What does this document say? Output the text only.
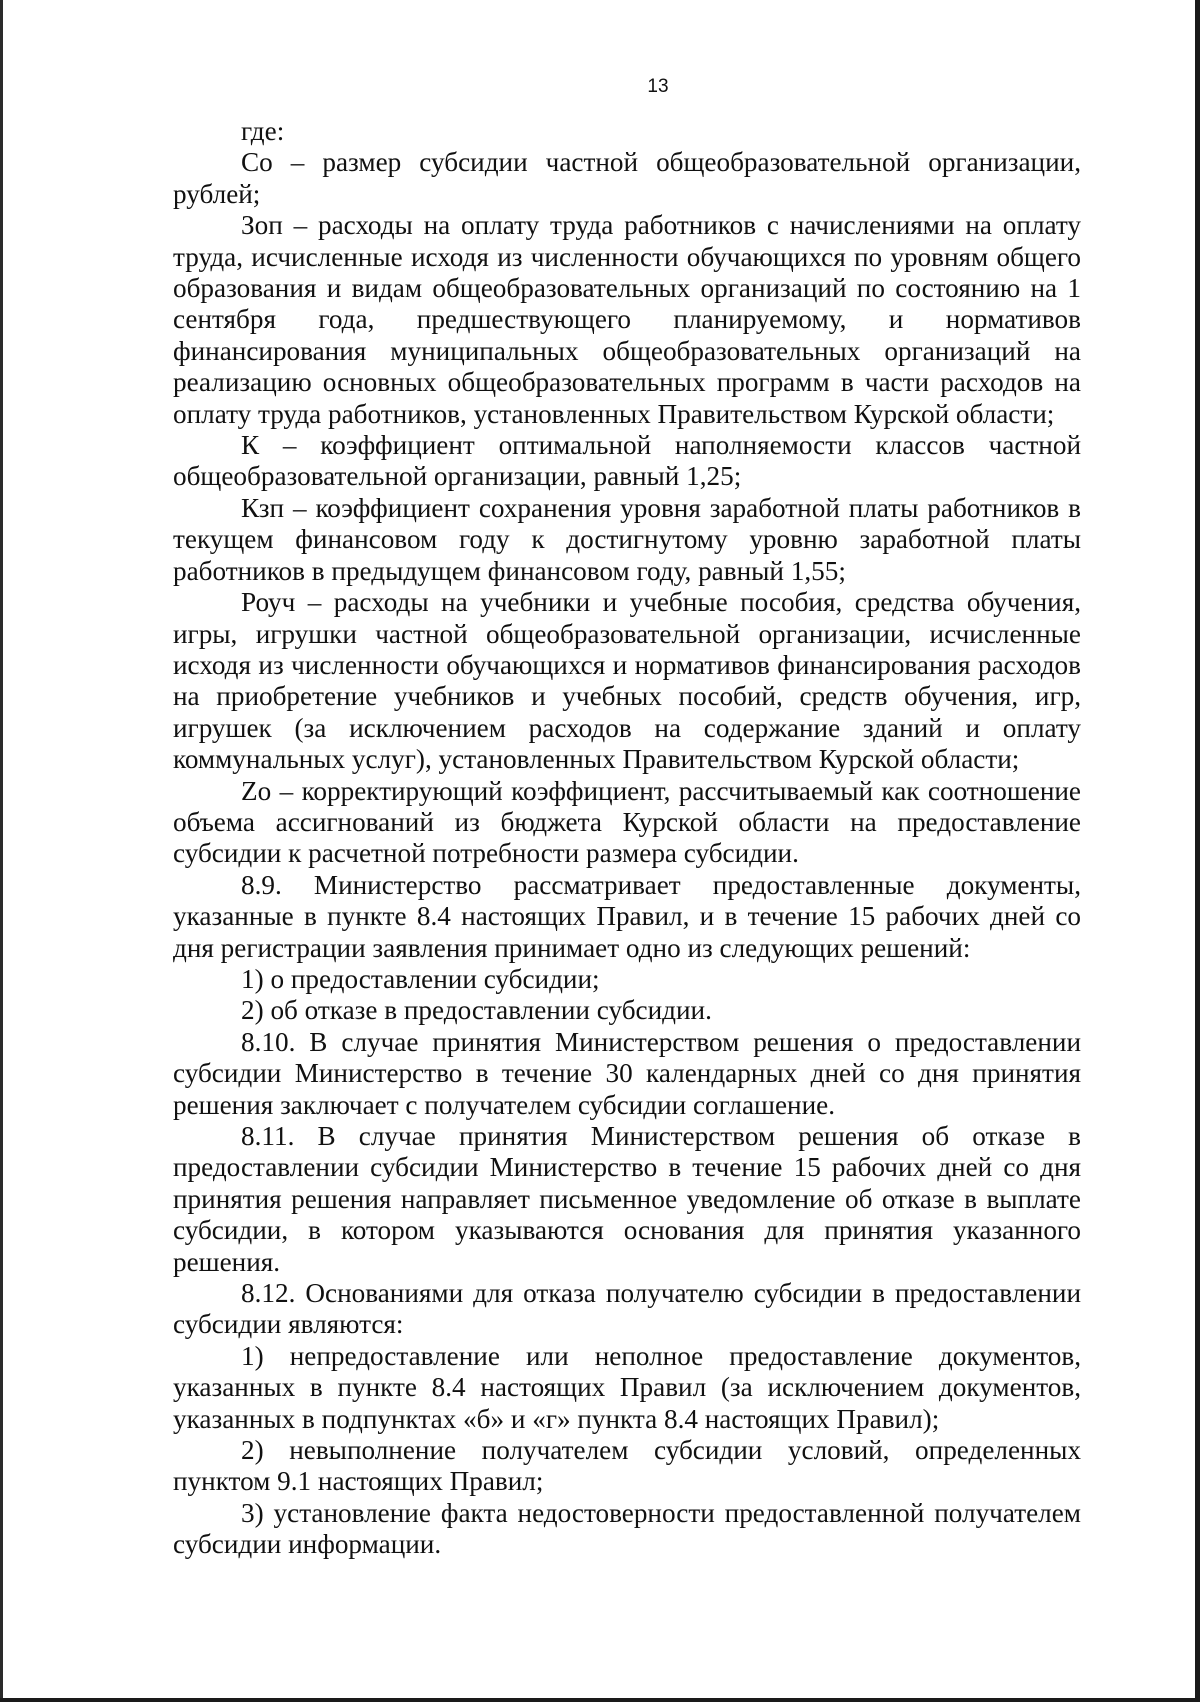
13

где:

Со – размер субсидии частной общеобразовательной организации, рублей;

Зоп – расходы на оплату труда работников с начислениями на оплату труда, исчисленные исходя из численности обучающихся по уровням общего образования и видам общеобразовательных организаций по состоянию на 1 сентября года, предшествующего планируемому, и нормативов финансирования муниципальных общеобразовательных организаций на реализацию основных общеобразовательных программ в части расходов на оплату труда работников, установленных Правительством Курской области;

К – коэффициент оптимальной наполняемости классов частной общеобразовательной организации, равный 1,25;

Кзп – коэффициент сохранения уровня заработной платы работников в текущем финансовом году к достигнутому уровню заработной платы работников в предыдущем финансовом году, равный 1,55;

Роуч – расходы на учебники и учебные пособия, средства обучения, игры, игрушки частной общеобразовательной организации, исчисленные исходя из численности обучающихся и нормативов финансирования расходов на приобретение учебников и учебных пособий, средств обучения, игр, игрушек (за исключением расходов на содержание зданий и оплату коммунальных услуг), установленных Правительством Курской области;

Zо – корректирующий коэффициент, рассчитываемый как соотношение объема ассигнований из бюджета Курской области на предоставление субсидии к расчетной потребности размера субсидии.

8.9. Министерство рассматривает предоставленные документы, указанные в пункте 8.4 настоящих Правил, и в течение 15 рабочих дней со дня регистрации заявления принимает одно из следующих решений:

1) о предоставлении субсидии;

2) об отказе в предоставлении субсидии.

8.10. В случае принятия Министерством решения о предоставлении субсидии Министерство в течение 30 календарных дней со дня принятия решения заключает с получателем субсидии соглашение.

8.11. В случае принятия Министерством решения об отказе в предоставлении субсидии Министерство в течение 15 рабочих дней со дня принятия решения направляет письменное уведомление об отказе в выплате субсидии, в котором указываются основания для принятия указанного решения.

8.12. Основаниями для отказа получателю субсидии в предоставлении субсидии являются:

1) непредоставление или неполное предоставление документов, указанных в пункте 8.4 настоящих Правил (за исключением документов, указанных в подпунктах «б» и «г» пункта 8.4 настоящих Правил);

2) невыполнение получателем субсидии условий, определенных пунктом 9.1 настоящих Правил;

3) установление факта недостоверности предоставленной получателем субсидии информации.
